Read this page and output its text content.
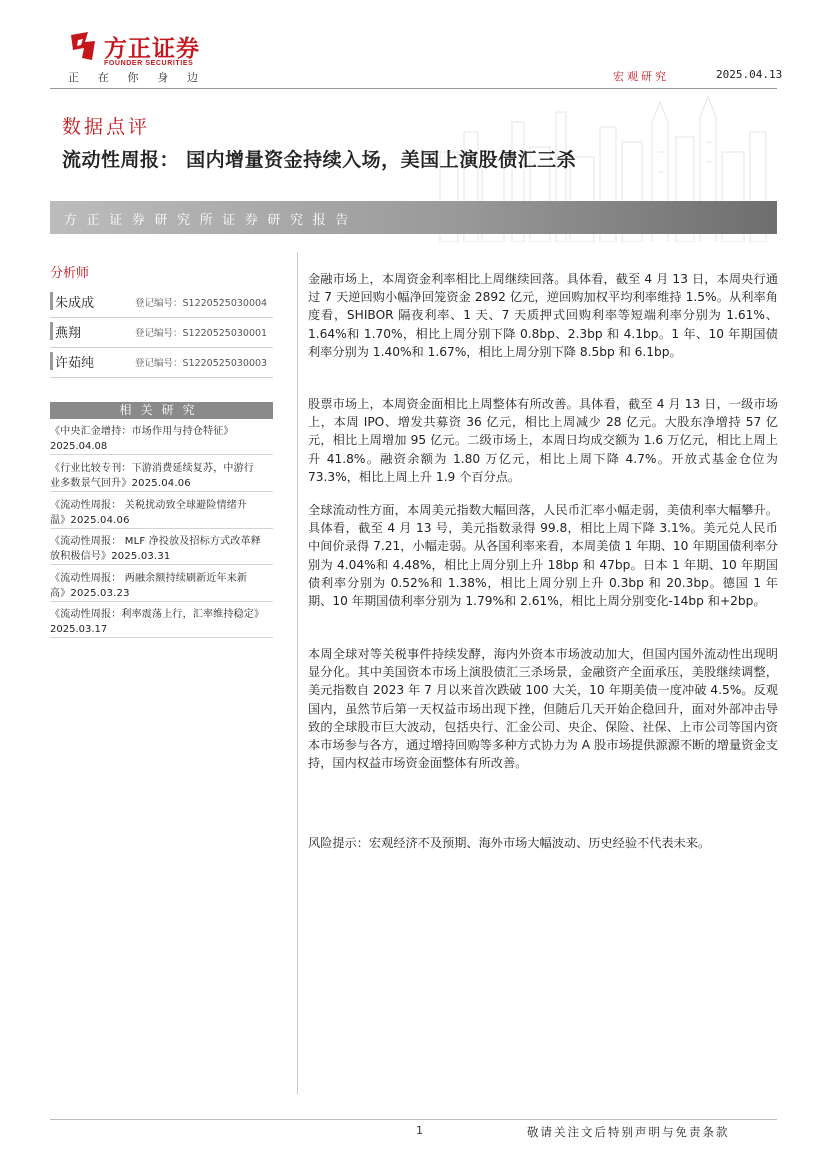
方正证券
FOUNDER SECURITIES
正 在 你 身 边	宏观研究	2025.04.13
数据点评
流动性周报： 国内增量资金持续入场，美国上演股债汇三杀
方正证券研究所证券研究报告
分析师
朱成成	登记编号：S1220525030004
燕翔	登记编号：S1220525030001
许茹纯	登记编号：S1220525030003
相关研究
《中央汇金增持：市场作用与持仓特征》
2025.04.08
《行业比较专刊：下游消费延续复苏，中游行
业多数景气回升》2025.04.06
《流动性周报： 关税扰动致全球避险情绪升
温》2025.04.06
《流动性周报： MLF 净投放及招标方式改革释
放积极信号》2025.03.31
《流动性周报： 两融余额持续刷新近年来新
高》2025.03.23
《流动性周报：利率震荡上行，汇率维持稳定》
2025.03.17
金融市场上，本周资金利率相比上周继续回落。具体看，截至 4 月 13 日，本周央行通过 7 天逆回购小幅净回笼资金 2892 亿元，逆回购加权平均利率维持 1.5%。从利率角度看，SHIBOR 隔夜利率、1 天、7 天质押式回购利率等短端利率分别为 1.61%、1.64%和 1.70%，相比上周分别下降 0.8bp、2.3bp 和 4.1bp。1 年、10 年期国债利率分别为 1.40%和 1.67%，相比上周分别下降 8.5bp 和 6.1bp。
股票市场上，本周资金面相比上周整体有所改善。具体看，截至 4 月 13 日，一级市场上，本周 IPO、增发共募资 36 亿元，相比上周减少 28 亿元。大股东净增持 57 亿元，相比上周增加 95 亿元。二级市场上，本周日均成交额为 1.6 万亿元，相比上周上升 41.8%。融资余额为 1.80 万亿元，相比上周下降 4.7%。开放式基金仓位为 73.3%，相比上周上升 1.9 个百分点。
全球流动性方面，本周美元指数大幅回落，人民币汇率小幅走弱，美债利率大幅攀升。具体看，截至 4 月 13 号，美元指数录得 99.8，相比上周下降 3.1%。美元兑人民币中间价录得 7.21，小幅走弱。从各国利率来看，本周美债 1 年期、10 年期国债利率分别为 4.04%和 4.48%，相比上周分别上升 18bp 和 47bp。日本 1 年期、10 年期国债利率分别为 0.52%和 1.38%，相比上周分别上升 0.3bp 和 20.3bp。德国 1 年期、10 年期国债利率分别为 1.79%和 2.61%，相比上周分别变化-14bp 和+2bp。
本周全球对等关税事件持续发酵，海内外资本市场波动加大，但国内国外流动性出现明显分化。其中美国资本市场上演股债汇三杀场景，金融资产全面承压，美股继续调整，美元指数自 2023 年 7 月以来首次跌破 100 大关，10 年期美债一度冲破 4.5%。反观国内，虽然节后第一天权益市场出现下挫，但随后几天开始企稳回升，面对外部冲击导致的全球股市巨大波动，包括央行、汇金公司、央企、保险、社保、上市公司等国内资本市场参与各方，通过增持回购等多种方式协力为 A 股市场提供源源不断的增量资金支持，国内权益市场资金面整体有所改善。
风险提示：宏观经济不及预期、海外市场大幅波动、历史经验不代表未来。
1	敬请关注文后特别声明与免责条款
